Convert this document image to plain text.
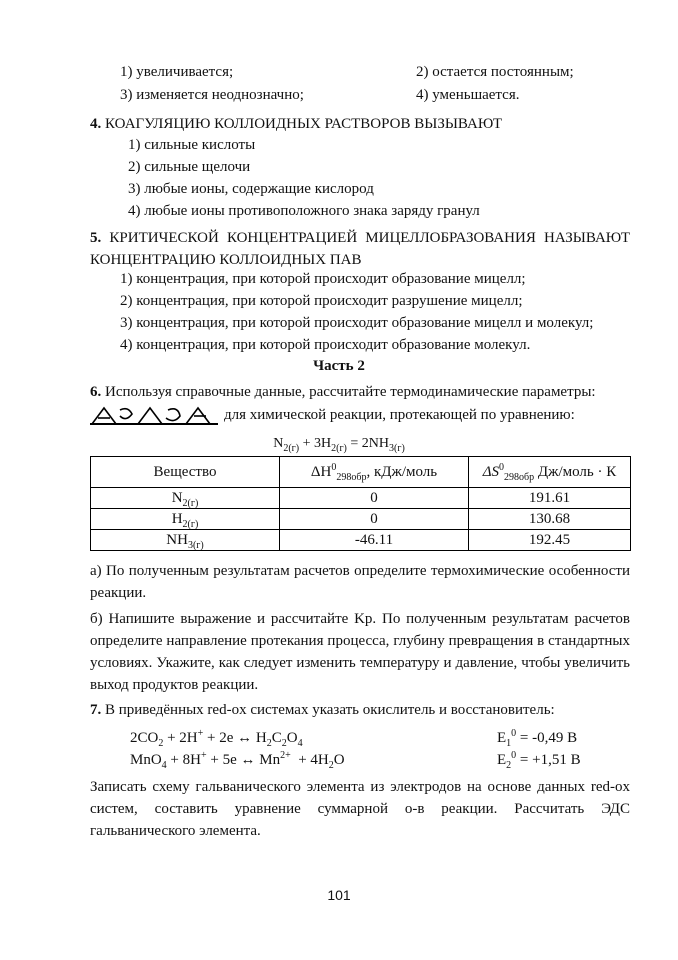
1) увеличивается;	2) остается постоянным;
3) изменяется неоднозначно;	4) уменьшается.
4. КОАГУЛЯЦИЮ КОЛЛОИДНЫХ РАСТВОРОВ ВЫЗЫВАЮТ
1) сильные кислоты
2) сильные щелочи
3) любые ионы, содержащие кислород
4) любые ионы противоположного знака заряду гранул
5. КРИТИЧЕСКОЙ КОНЦЕНТРАЦИЕЙ МИЦЕЛЛОБРАЗОВАНИЯ НАЗЫВАЮТ КОНЦЕНТРАЦИЮ КОЛЛОИДНЫХ ПАВ
1) концентрация, при которой происходит образование мицелл;
2) концентрация, при которой происходит разрушение мицелл;
3) концентрация, при которой происходит образование мицелл и молекул;
4) концентрация, при которой происходит образование молекул.
Часть 2
6. Используя справочные данные, рассчитайте термодинамические параметры:
для химической реакции, протекающей по уравнению:
$N_{2(г)} + 3H_{2(г)} = 2NH_{3(г)}$
Вещество	$\Delta H^0_{298обр}$, кДж/моль	$\Delta S^0_{298обр}$ Дж/моль · К
$N_{2(г)}$	0	191.61
$H_{2(г)}$	0	130.68
$NH_{3(г)}$	-46.11	192.45
а) По полученным результатам расчетов определите термохимические особенности реакции.
б) Напишите выражение и рассчитайте Kp. По полученным результатам расчетов определите направление протекания процесса, глубину превращения в стандартных условиях. Укажите, как следует изменить температуру и давление, чтобы увеличить выход продуктов реакции.
7. В приведённых red-ox системах указать окислитель и восстановитель:
$2CO_2 + 2H^+ + 2e$ ↔ $H_2C_2O_4$	$E_1^0 = -0,49$ В
MnO$_4$ + 8H+ + 5e ↔ $Mn^{2+} + 4H_2O$	$E_2^0 = +1,51$ В
Записать схему гальванического элемента из электродов на основе данных red-ox систем, составить уравнение суммарной о-в реакции. Рассчитать ЭДС гальванического элемента.
101
